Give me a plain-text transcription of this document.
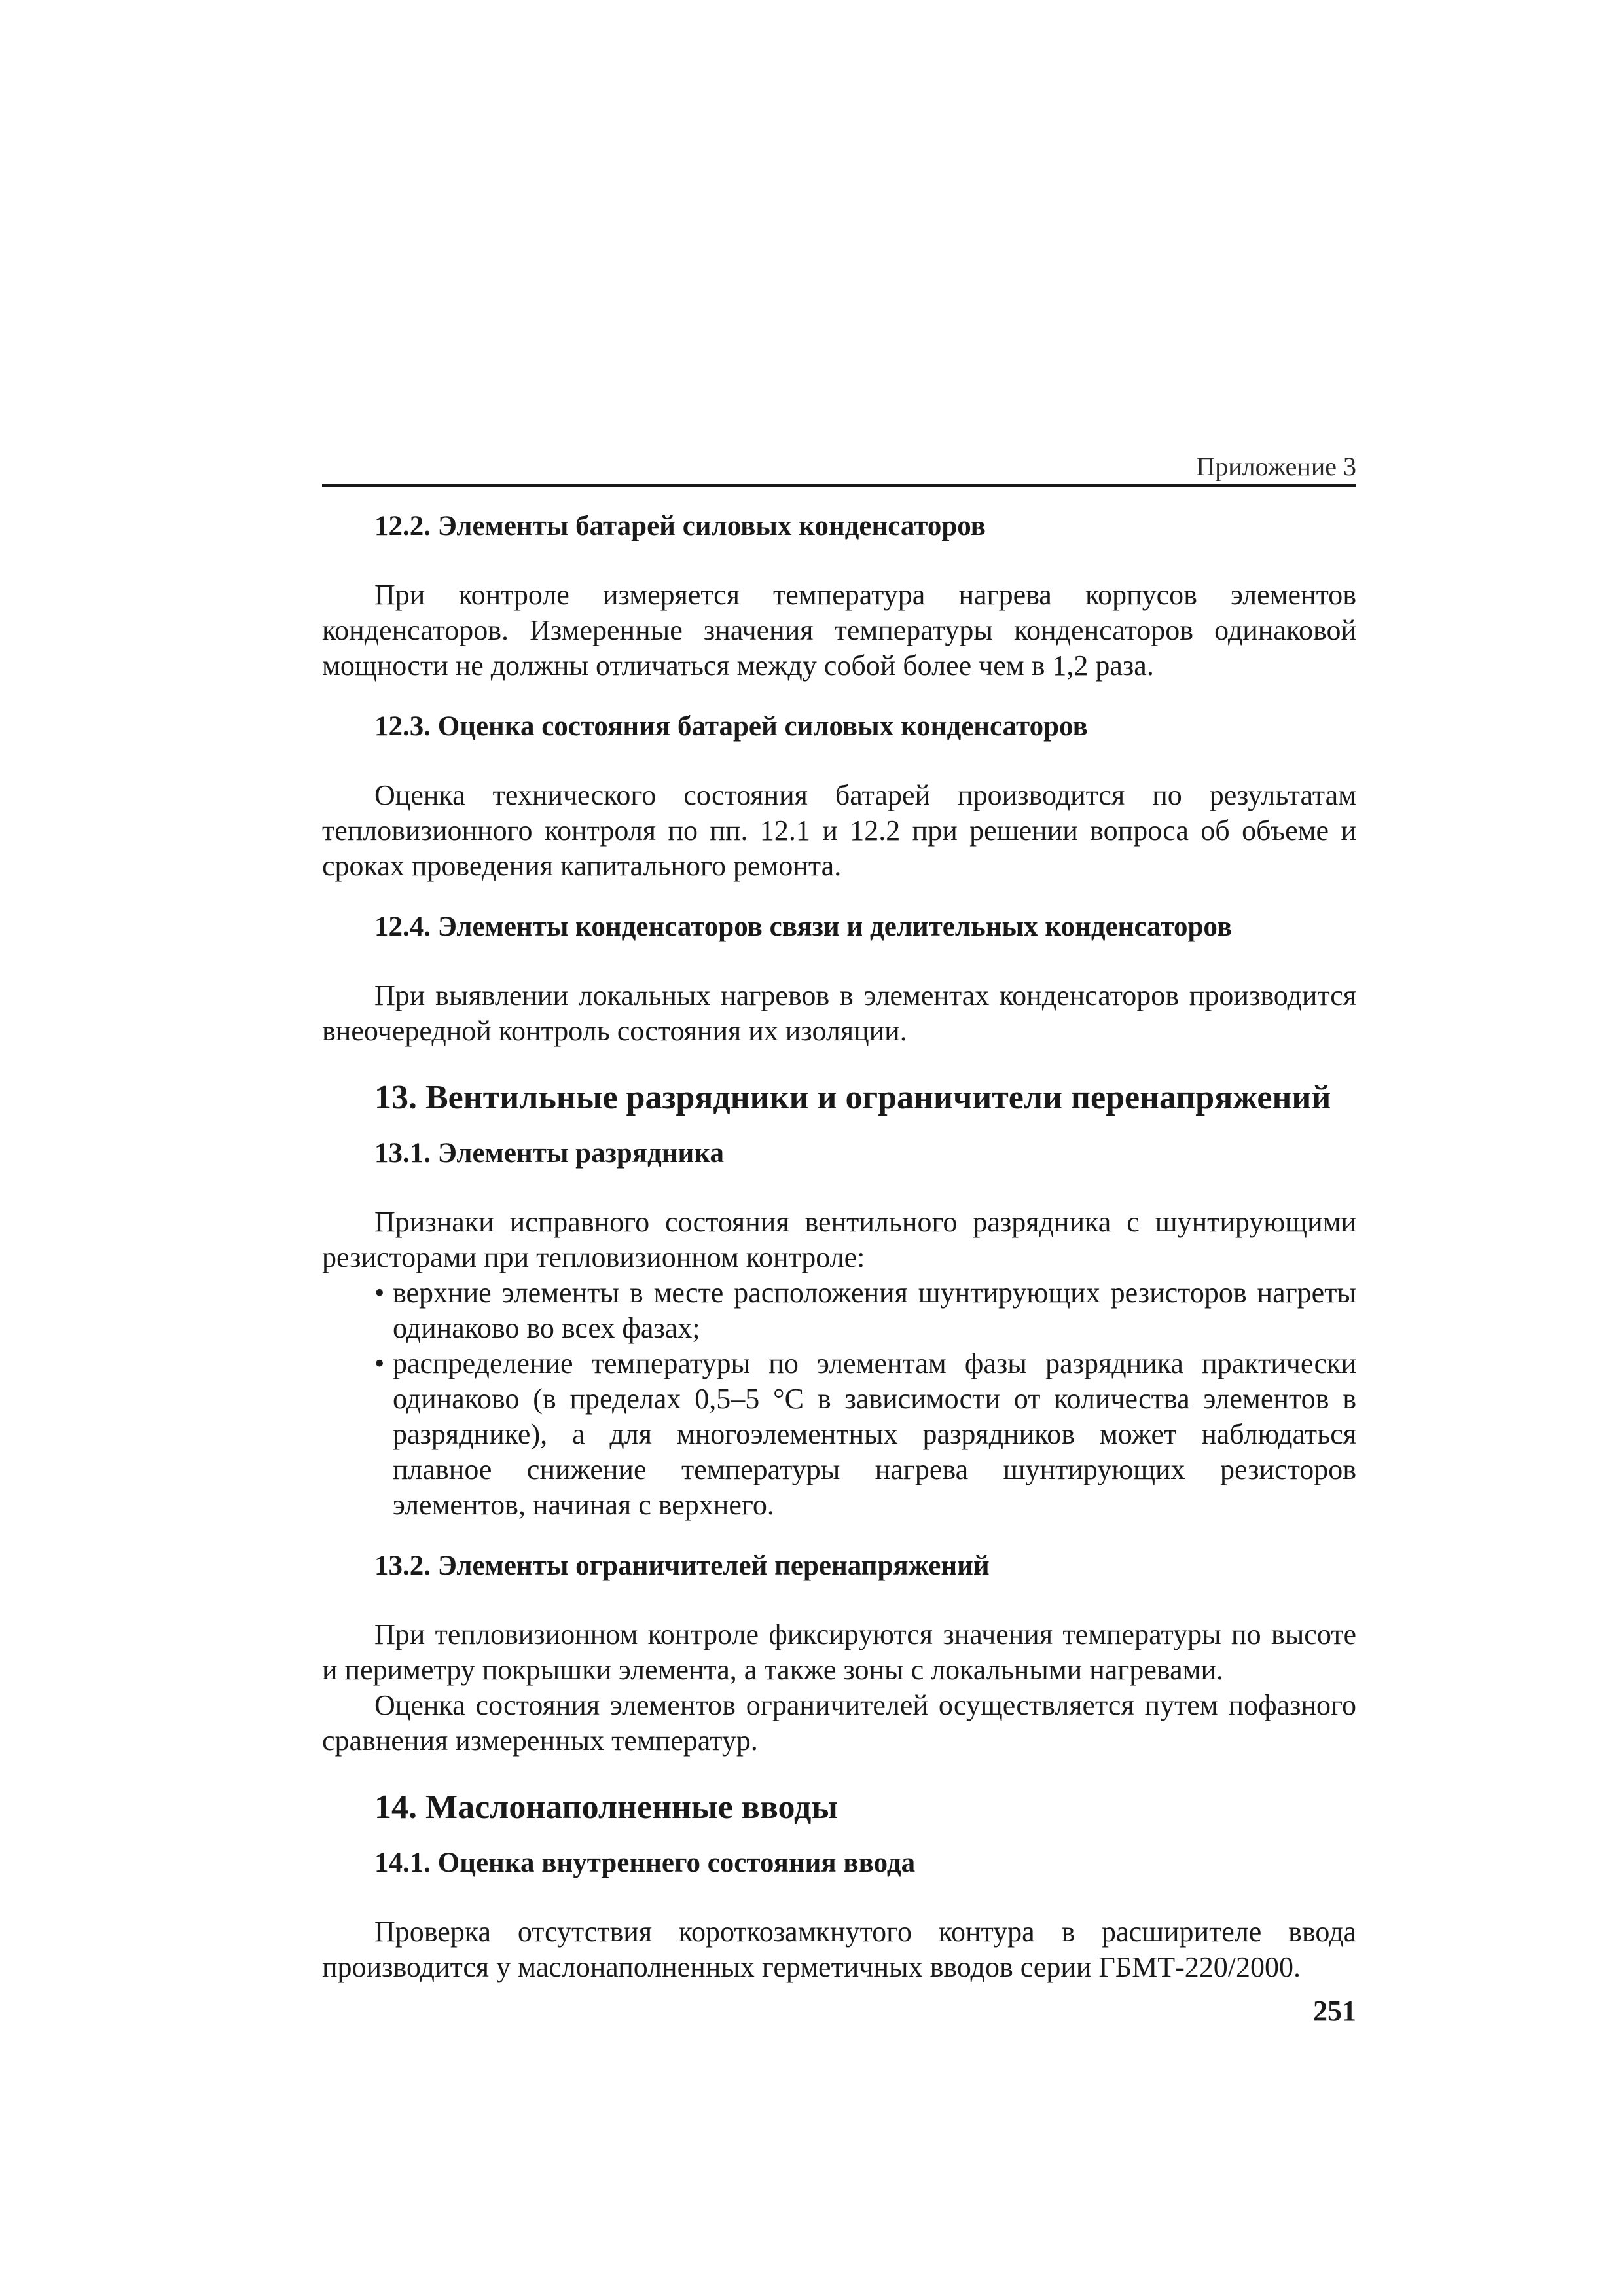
Приложение 3
12.2. Элементы батарей силовых конденсаторов

При контроле измеряется температура нагрева корпусов элементов конденсаторов. Измеренные значения температуры конденсаторов одинаковой мощности не должны отличаться между собой более чем в 1,2 раза.

12.3. Оценка состояния батарей силовых конденсаторов

Оценка технического состояния батарей производится по результатам тепловизионного контроля по пп. 12.1 и 12.2 при решении вопроса об объеме и сроках проведения капитального ремонта.

12.4. Элементы конденсаторов связи и делительных конденсаторов

При выявлении локальных нагревов в элементах конденсаторов производится внеочередной контроль состояния их изоляции.

13. Вентильные разрядники и ограничители перенапряжений
13.1. Элементы разрядника

Признаки исправного состояния вентильного разрядника с шунтирующими резисторами при тепловизионном контроле:

• верхние элементы в месте расположения шунтирующих резисторов нагреты одинаково во всех фазах;
• распределение температуры по элементам фазы разрядника практически одинаково (в пределах 0,5–5 °С в зависимости от количества элементов в разряднике), а для многоэлементных разрядников может наблюдаться плавное снижение температуры нагрева шунтирующих резисторов элементов, начиная с верхнего.
13.2. Элементы ограничителей перенапряжений

При тепловизионном контроле фиксируются значения температуры по высоте и периметру покрышки элемента, а также зоны с локальными нагревами.

Оценка состояния элементов ограничителей осуществляется путем пофазного сравнения измеренных температур.

14. Маслонаполненные вводы
14.1. Оценка внутреннего состояния ввода

Проверка отсутствия короткозамкнутого контура в расширителе ввода производится у маслонаполненных герметичных вводов серии ГБМТ-220/2000.

251
